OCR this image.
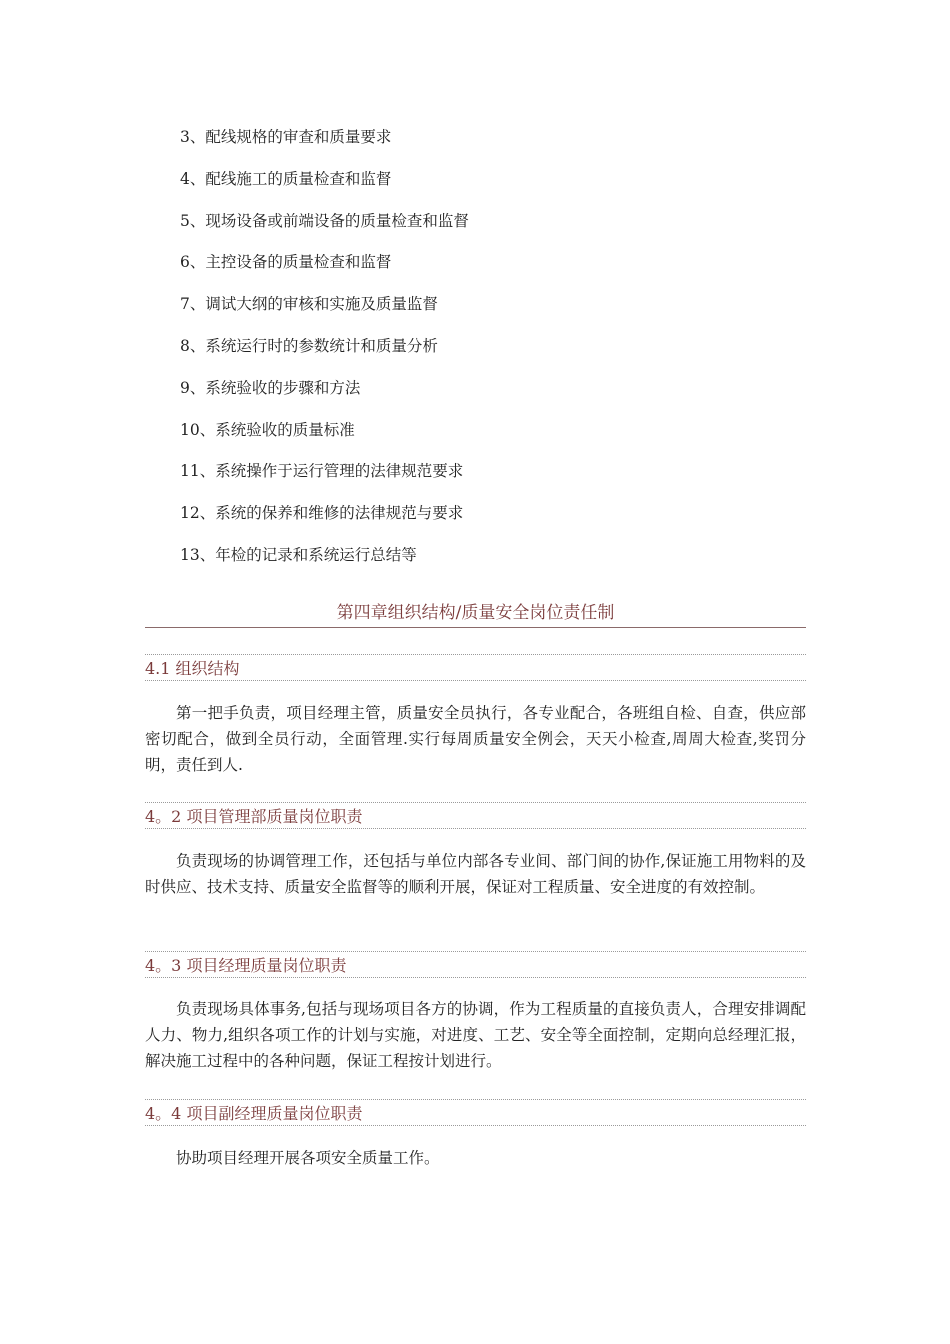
3、配线规格的审查和质量要求
4、配线施工的质量检查和监督
5、现场设备或前端设备的质量检查和监督
6、主控设备的质量检查和监督
7、调试大纲的审核和实施及质量监督
8、系统运行时的参数统计和质量分析
9、系统验收的步骤和方法
10、系统验收的质量标准
11、系统操作于运行管理的法律规范要求
12、系统的保养和维修的法律规范与要求
13、年检的记录和系统运行总结等
第四章组织结构/质量安全岗位责任制
4.1 组织结构

第一把手负责，项目经理主管，质量安全员执行，各专业配合，各班组自检、自查，供应部密切配合，做到全员行动，全面管理.实行每周质量安全例会，天天小检查,周周大检查,奖罚分明，责任到人.

4。2 项目管理部质量岗位职责

负责现场的协调管理工作，还包括与单位内部各专业间、部门间的协作,保证施工用物料的及时供应、技术支持、质量安全监督等的顺利开展，保证对工程质量、安全进度的有效控制。

4。3 项目经理质量岗位职责

负责现场具体事务,包括与现场项目各方的协调，作为工程质量的直接负责人，合理安排调配人力、物力,组织各项工作的计划与实施，对进度、工艺、安全等全面控制，定期向总经理汇报，解决施工过程中的各种问题，保证工程按计划进行。

4。4 项目副经理质量岗位职责

协助项目经理开展各项安全质量工作。
